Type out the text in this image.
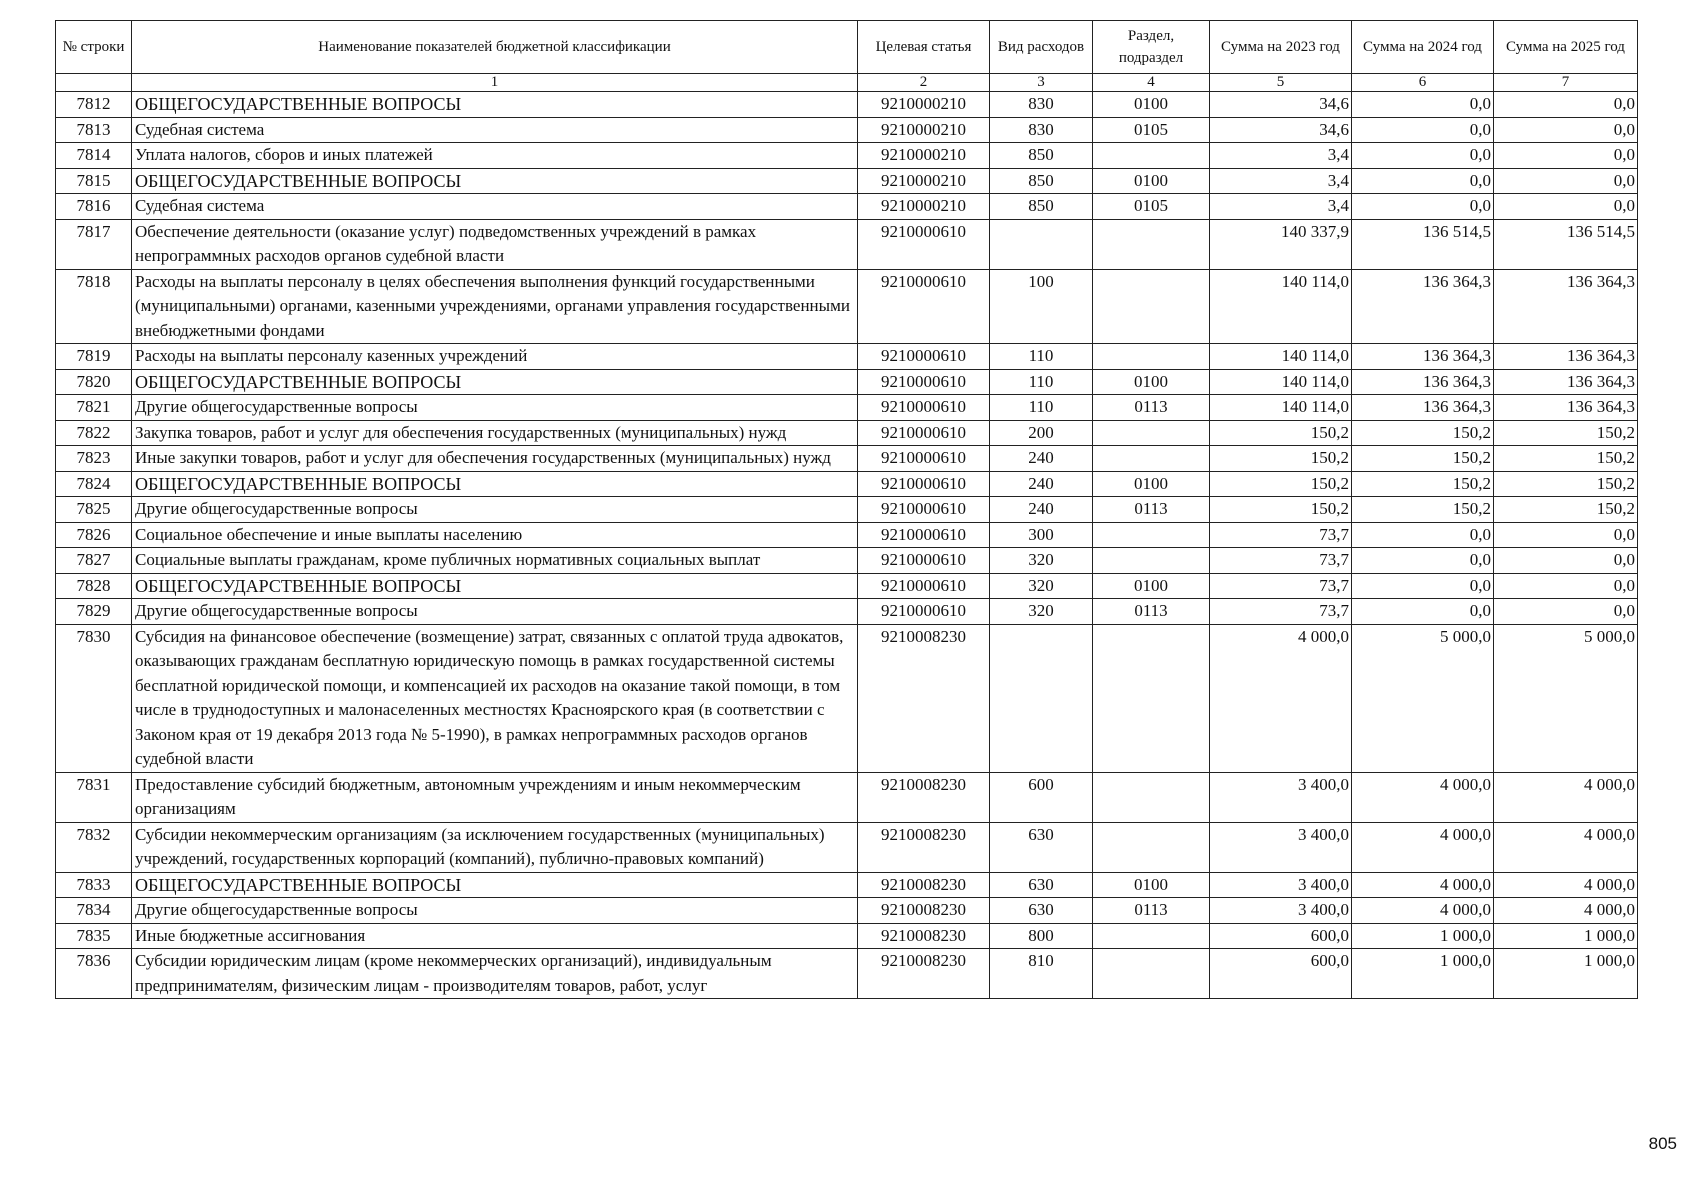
№ строки	Наименование показателей бюджетной классификации	Целевая статья	Вид расходов	Раздел, подраздел	Сумма на 2023 год	Сумма на 2024 год	Сумма на 2025 год
	1	2	3	4	5	6	7
7812	ОБЩЕГОСУДАРСТВЕННЫЕ ВОПРОСЫ	9210000210	830	0100	34,6	0,0	0,0
7813	Судебная система	9210000210	830	0105	34,6	0,0	0,0
7814	Уплата налогов, сборов и иных платежей	9210000210	850		3,4	0,0	0,0
7815	ОБЩЕГОСУДАРСТВЕННЫЕ ВОПРОСЫ	9210000210	850	0100	3,4	0,0	0,0
7816	Судебная система	9210000210	850	0105	3,4	0,0	0,0
7817	Обеспечение деятельности (оказание услуг) подведомственных учреждений в рамках непрограммных расходов органов судебной власти	9210000610			140 337,9	136 514,5	136 514,5
7818	Расходы на выплаты персоналу в целях обеспечения выполнения функций государственными (муниципальными) органами, казенными учреждениями, органами управления государственными внебюджетными фондами	9210000610	100		140 114,0	136 364,3	136 364,3
7819	Расходы на выплаты персоналу казенных учреждений	9210000610	110		140 114,0	136 364,3	136 364,3
7820	ОБЩЕГОСУДАРСТВЕННЫЕ ВОПРОСЫ	9210000610	110	0100	140 114,0	136 364,3	136 364,3
7821	Другие общегосударственные вопросы	9210000610	110	0113	140 114,0	136 364,3	136 364,3
7822	Закупка товаров, работ и услуг для обеспечения государственных (муниципальных) нужд	9210000610	200		150,2	150,2	150,2
7823	Иные закупки товаров, работ и услуг для обеспечения государственных (муниципальных) нужд	9210000610	240		150,2	150,2	150,2
7824	ОБЩЕГОСУДАРСТВЕННЫЕ ВОПРОСЫ	9210000610	240	0100	150,2	150,2	150,2
7825	Другие общегосударственные вопросы	9210000610	240	0113	150,2	150,2	150,2
7826	Социальное обеспечение и иные выплаты населению	9210000610	300		73,7	0,0	0,0
7827	Социальные выплаты гражданам, кроме публичных нормативных социальных выплат	9210000610	320		73,7	0,0	0,0
7828	ОБЩЕГОСУДАРСТВЕННЫЕ ВОПРОСЫ	9210000610	320	0100	73,7	0,0	0,0
7829	Другие общегосударственные вопросы	9210000610	320	0113	73,7	0,0	0,0
7830	Субсидия на финансовое обеспечение (возмещение) затрат, связанных с оплатой труда адвокатов, оказывающих гражданам бесплатную юридическую помощь в рамках государственной системы бесплатной юридической помощи, и компенсацией их расходов на оказание такой помощи, в том числе в труднодоступных и малонаселенных местностях Красноярского края (в соответствии с Законом края от 19 декабря 2013 года № 5-1990), в рамках непрограммных расходов органов судебной власти	9210008230			4 000,0	5 000,0	5 000,0
7831	Предоставление субсидий бюджетным, автономным учреждениям и иным некоммерческим организациям	9210008230	600		3 400,0	4 000,0	4 000,0
7832	Субсидии некоммерческим организациям (за исключением государственных (муниципальных) учреждений, государственных корпораций (компаний), публично-правовых компаний)	9210008230	630		3 400,0	4 000,0	4 000,0
7833	ОБЩЕГОСУДАРСТВЕННЫЕ ВОПРОСЫ	9210008230	630	0100	3 400,0	4 000,0	4 000,0
7834	Другие общегосударственные вопросы	9210008230	630	0113	3 400,0	4 000,0	4 000,0
7835	Иные бюджетные ассигнования	9210008230	800		600,0	1 000,0	1 000,0
7836	Субсидии юридическим лицам (кроме некоммерческих организаций), индивидуальным предпринимателям, физическим лицам - производителям товаров, работ, услуг	9210008230	810		600,0	1 000,0	1 000,0
805
